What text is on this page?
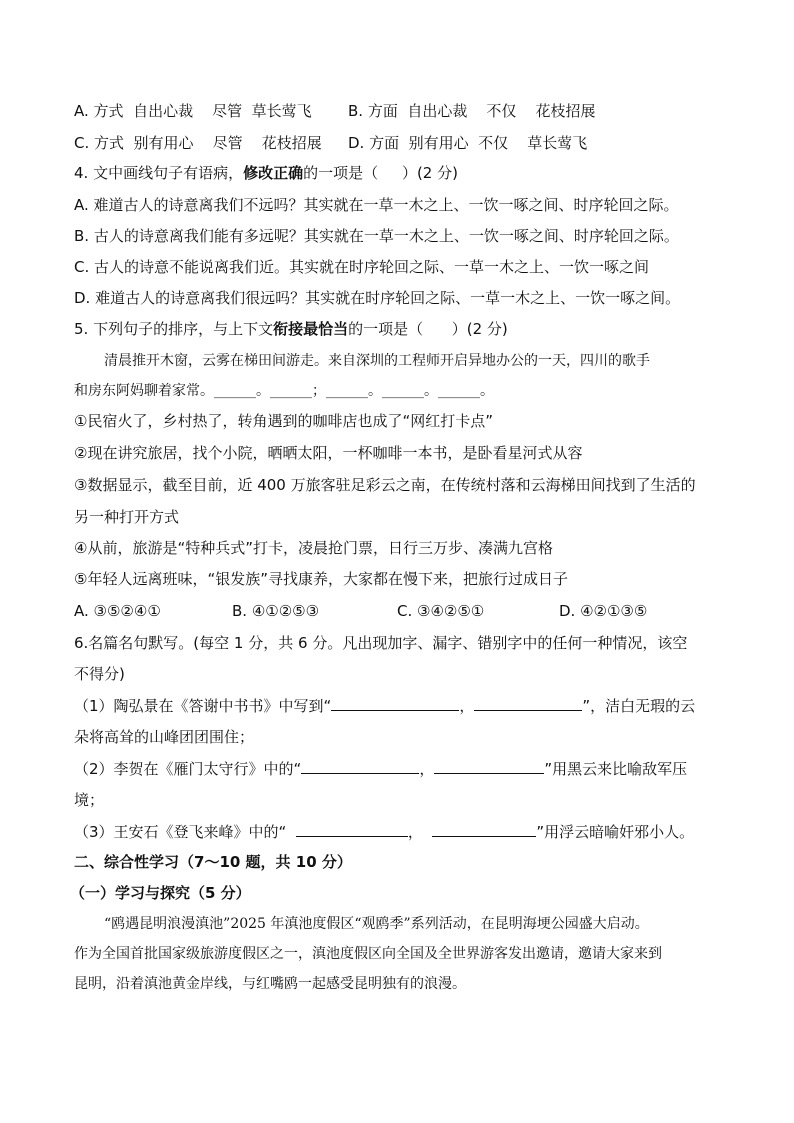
A. 方式  自出心裁    尽管  草长莺飞 B. 方面  自出心裁    不仅    花枝招展
C. 方式  别有用心    尽管    花枝招展 D. 方面  别有用心  不仅    草长莺飞
4. 文中画线句子有语病，修改正确的一项是（     ）(2 分)
A. 难道古人的诗意离我们不远吗？其实就在一草一木之上、一饮一啄之间、时序轮回之际。
B. 古人的诗意离我们能有多远呢？其实就在一草一木之上、一饮一啄之间、时序轮回之际。
C. 古人的诗意不能说离我们近。其实就在时序轮回之际、一草一木之上、一饮一啄之间
D. 难道古人的诗意离我们很远吗？其实就在时序轮回之际、一草一木之上、一饮一啄之间。
5. 下列句子的排序，与上下文衔接最恰当的一项是（      ）(2 分)
清晨推开木窗，云雾在梯田间游走。来自深圳的工程师开启异地办公的一天，四川的歌手
和房东阿妈聊着家常。______。______；______。______。______。
①民宿火了，乡村热了，转角遇到的咖啡店也成了“网红打卡点”
②现在讲究旅居，找个小院，晒晒太阳，一杯咖啡一本书，是卧看星河式从容
③数据显示，截至目前，近 400 万旅客驻足彩云之南，在传统村落和云海梯田间找到了生活的
另一种打开方式
④从前，旅游是“特种兵式”打卡，凌晨抢门票，日行三万步、凑满九宫格
⑤年轻人远离班味，“银发族”寻找康养，大家都在慢下来，把旅行过成日子
A. ③⑤②④①	B. ④①②⑤③	C. ③④②⑤①	D. ④②①③⑤
6.名篇名句默写。(每空 1 分，共 6 分。凡出现加字、漏字、错别字中的任何一种情况，该空
不得分)
（1）陶弘景在《答谢中书书》中写到“	，	”，洁白无瑕的云
朵将高耸的山峰团团围住；
（2）李贺在《雁门太守行》中的“	，	”用黑云来比喻敌军压
境；
（3）王安石《登飞来峰》中的“	，	”用浮云暗喻奸邪小人。
二、综合性学习（7～10 题，共 10 分）
（一）学习与探究（5 分）
“鸥遇昆明浪漫滇池”2025 年滇池度假区“观鸥季”系列活动，在昆明海埂公园盛大启动。
作为全国首批国家级旅游度假区之一，滇池度假区向全国及全世界游客发出邀请，邀请大家来到
昆明，沿着滇池黄金岸线，与红嘴鸥一起感受昆明独有的浪漫。
